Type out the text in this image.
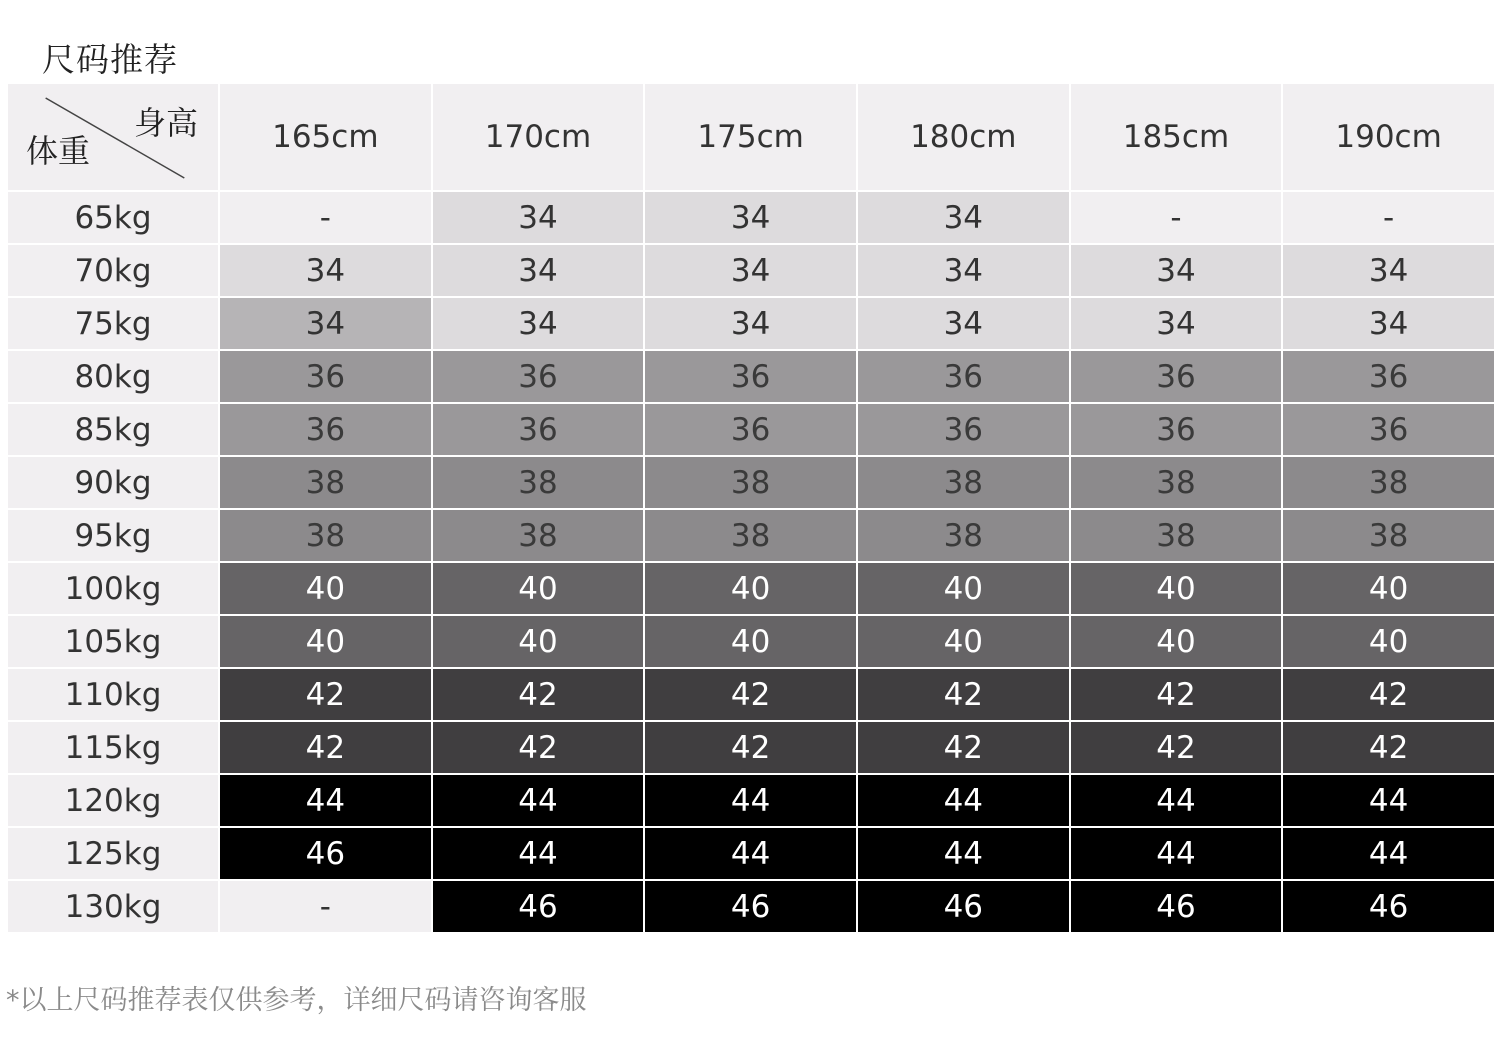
尺码推荐
身高
体重	165cm	170cm	175cm	180cm	185cm	190cm
65kg	-	34	34	34	-	-
70kg	34	34	34	34	34	34
75kg	34	34	34	34	34	34
80kg	36	36	36	36	36	36
85kg	36	36	36	36	36	36
90kg	38	38	38	38	38	38
95kg	38	38	38	38	38	38
100kg	40	40	40	40	40	40
105kg	40	40	40	40	40	40
110kg	42	42	42	42	42	42
115kg	42	42	42	42	42	42
120kg	44	44	44	44	44	44
125kg	46	44	44	44	44	44
130kg	-	46	46	46	46	46
*以上尺码推荐表仅供参考，详细尺码请咨询客服
